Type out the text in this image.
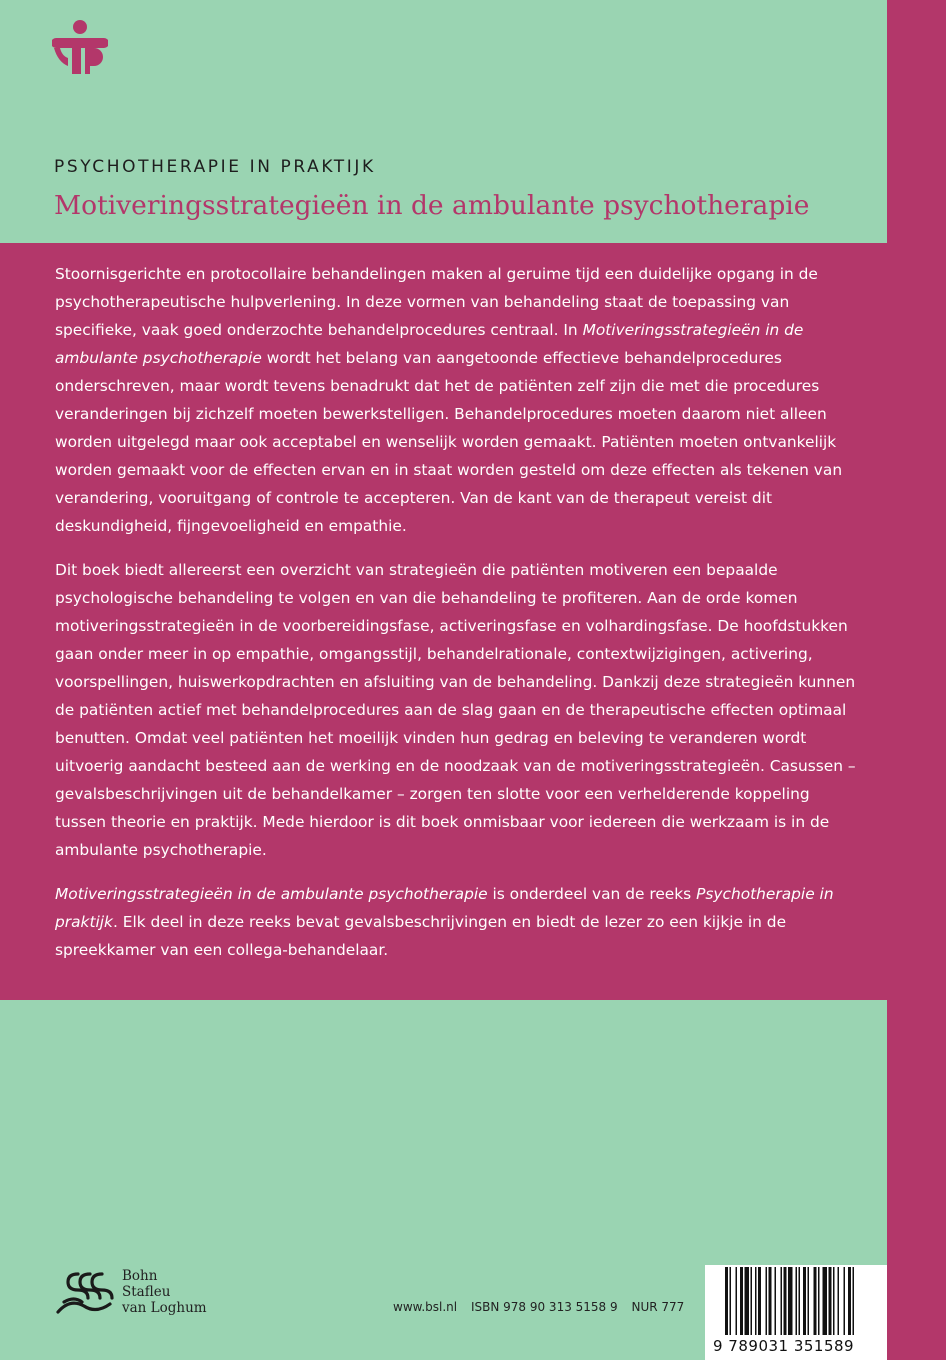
PSYCHOTHERAPIE IN PRAKTIJK
Motiveringsstrategieën in de ambulante psychotherapie

Stoornisgerichte en protocollaire behandelingen maken al geruime tijd een duidelijke opgang in de psychotherapeutische hulpverlening. In deze vormen van behandeling staat de toepassing van specifieke, vaak goed onderzochte behandelprocedures centraal. In Motiveringsstrategieën in de ambulante psychotherapie wordt het belang van aangetoonde effectieve behandelprocedures onderschreven, maar wordt tevens benadrukt dat het de patiënten zelf zijn die met die procedures veranderingen bij zichzelf moeten bewerkstelligen. Behandelprocedures moeten daarom niet alleen worden uitgelegd maar ook acceptabel en wenselijk worden gemaakt. Patiënten moeten ontvankelijk worden gemaakt voor de effecten ervan en in staat worden gesteld om deze effecten als tekenen van verandering, vooruitgang of controle te accepteren. Van de kant van de therapeut vereist dit deskundigheid, fijngevoeligheid en empathie.

Dit boek biedt allereerst een overzicht van strategieën die patiënten motiveren een bepaalde psychologische behandeling te volgen en van die behandeling te profiteren. Aan de orde komen motiveringsstrategieën in de voorbereidingsfase, activeringsfase en volhardingsfase. De hoofdstukken gaan onder meer in op empathie, omgangsstijl, behandelrationale, contextwijzigingen, activering, voorspellingen, huiswerkopdrachten en afsluiting van de behandeling. Dankzij deze strategieën kunnen de patiënten actief met behandelprocedures aan de slag gaan en de therapeutische effecten optimaal benutten. Omdat veel patiënten het moeilijk vinden hun gedrag en beleving te veranderen wordt uitvoerig aandacht besteed aan de werking en de noodzaak van de motiveringsstrategieën. Casussen – gevalsbeschrijvingen uit de behandelkamer – zorgen ten slotte voor een verhelderende koppeling tussen theorie en praktijk. Mede hierdoor is dit boek onmisbaar voor iedereen die werkzaam is in de ambulante psychotherapie.

Motiveringsstrategieën in de ambulante psychotherapie is onderdeel van de reeks Psychotherapie in praktijk. Elk deel in deze reeks bevat gevalsbeschrijvingen en biedt de lezer zo een kijkje in de spreekkamer van een collega-behandelaar.

Bohn
Stafleu
van Loghum	www.bsl.nl ISBN 978 90 313 5158 9 NUR 777
9 789031 351589
